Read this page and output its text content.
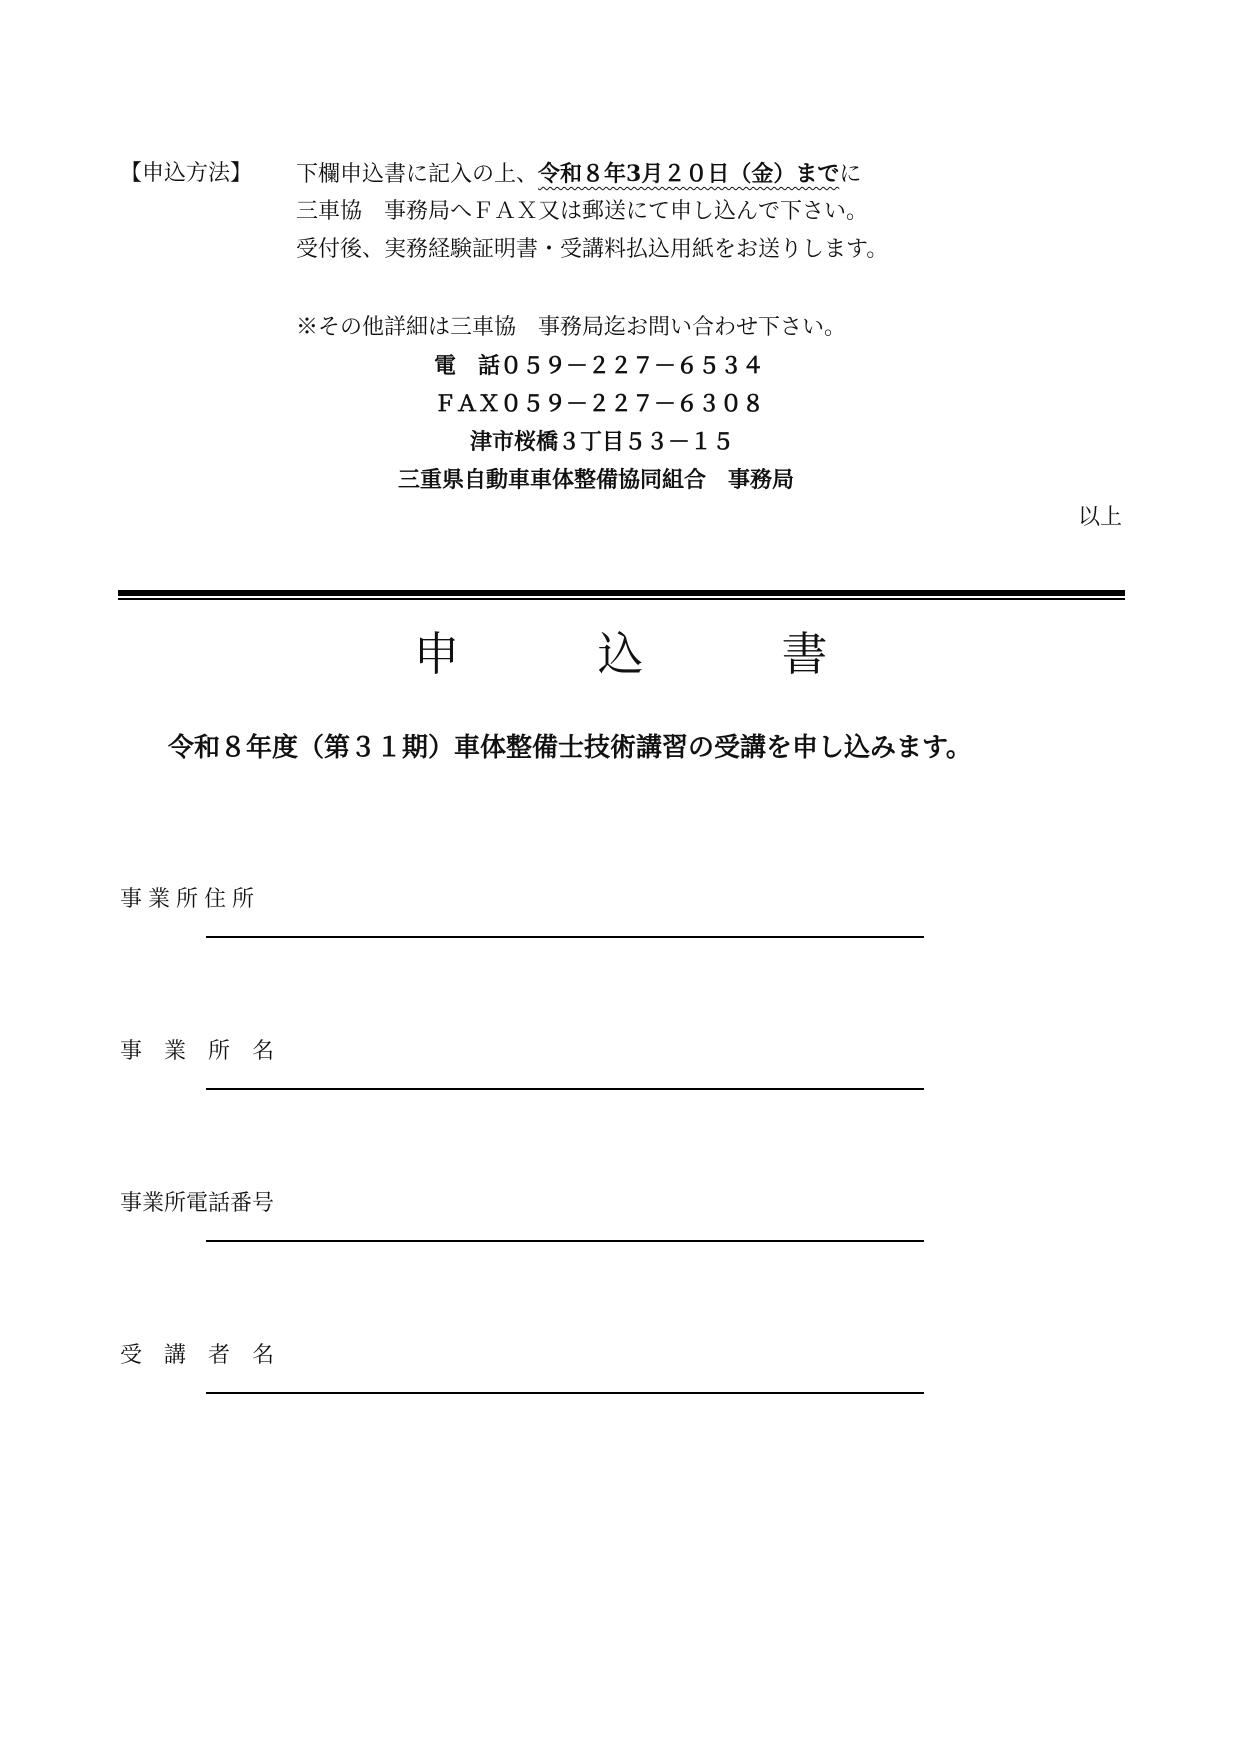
【申込方法】 下欄申込書に記入の上、令和８年3月２０日（金）までに
三車協　事務局へＦＡＸ又は郵送にて申し込んで下さい。
受付後、実務経験証明書・受講料払込用紙をお送りします。
※その他詳細は三車協　事務局迄お問い合わせ下さい。
電　話０５９－２２７－６５３４
ＦＡＸ０５９－２２７－６３０８
津市桜橋３丁目５３－１５
三重県自動車車体整備協同組合　事務局
以上
申　　　込　　　書
令和８年度（第３１期）車体整備士技術講習の受講を申し込みます。
事業所住所
事　業　所　名
事業所電話番号
受　講　者　名
